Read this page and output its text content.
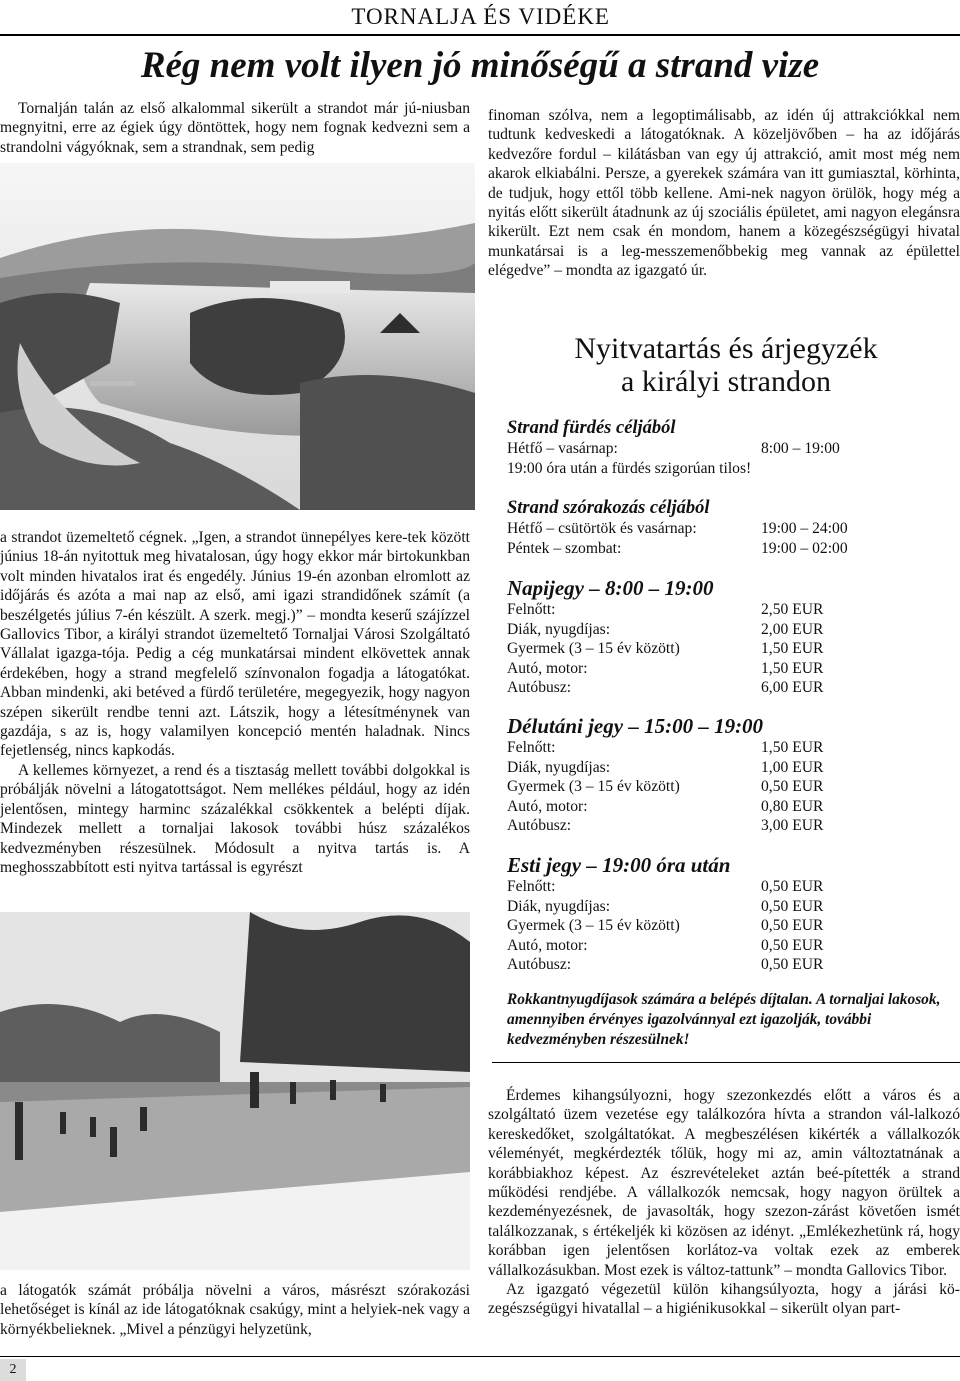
TORNALJA ÉS VIDÉKE
Rég nem volt ilyen jó minőségű a strand vize

Tornalján talán az első alkalommal sikerült a strandot már jú-niusban megnyitni, erre az égiek úgy döntöttek, hogy nem fognak kedvezni sem a strandolni vágyóknak, sem a strandnak, sem pedig

a strandot üzemeltető cégnek. „Igen, a strandot ünnepélyes kere-tek között június 18-án nyitottuk meg hivatalosan, úgy hogy ekkor már birtokunkban volt minden hivatalos irat és engedély. Június 19-én azonban elromlott az időjárás és azóta a mai nap az első, ami igazi strandidőnek számít (a beszélgetés július 7-én készült. A szerk. megj.)” – mondta keserű szájízzel Gallovics Tibor, a királyi strandot üzemeltető Tornaljai Városi Szolgáltató Vállalat igazga-tója. Pedig a cég munkatársai mindent elkövettek annak érdekében, hogy a strand megfelelő színvonalon fogadja a látogatókat. Abban mindenki, aki betéved a fürdő területére, megegyezik, hogy nagyon szépen sikerült rendbe tenni azt. Látszik, hogy a létesítménynek van gazdája, s az is, hogy valamilyen koncepció mentén haladnak. Nincs fejetlenség, nincs kapkodás.

A kellemes környezet, a rend és a tisztaság mellett további dolgokkal is próbálják növelni a látogatottságot. Nem mellékes például, hogy az idén jelentősen, mintegy harminc százalékkal csökkentek a belépti díjak. Mindezek mellett a tornaljai lakosok további húsz százalékos kedvezményben részesülnek. Módosult a nyitva tartás is. A meghosszabbított esti nyitva tartással is egyrészt

a látogatók számát próbálja növelni a város, másrészt szórakozási lehetőséget is kínál az ide látogatóknak csakúgy, mint a helyiek-nek vagy a környékbelieknek. „Mivel a pénzügyi helyzetünk,

finoman szólva, nem a legoptimálisabb, az idén új attrakciókkal nem tudtunk kedveskedi a látogatóknak. A közeljövőben – ha az időjárás kedvezőre fordul – kilátásban van egy új attrakció, amit most még nem akarok elkiabálni. Persze, a gyerekek számára van itt gumiasztal, körhinta, de tudjuk, hogy ettől több kellene. Ami-nek nagyon örülök, hogy még a nyitás előtt sikerült átadnunk az új szociális épületet, ami nagyon elegánsra kikerült. Ezt nem csak én mondom, hanem a közegészségügyi hivatal munkatársai is a leg-messzemenőbbekig meg vannak az épülettel elégedve” – mondta az igazgató úr.

Nyitvatartás és árjegyzék
a királyi strandon
Strand fürdés céljából
Hétfő – vasárnap:	8:00 – 19:00
19:00 óra után a fürdés szigorúan tilos!
Strand szórakozás céljából
Hétfő – csütörtök és vasárnap:	19:00 – 24:00
Péntek – szombat:	19:00 – 02:00
Napijegy – 8:00 – 19:00
Felnőtt:	2,50 EUR
Diák, nyugdíjas:	2,00 EUR
Gyermek (3 – 15 év között)	1,50 EUR
Autó, motor:	1,50 EUR
Autóbusz:	6,00 EUR
Délutáni jegy – 15:00 – 19:00
Felnőtt:	1,50 EUR
Diák, nyugdíjas:	1,00 EUR
Gyermek (3 – 15 év között)	0,50 EUR
Autó, motor:	0,80 EUR
Autóbusz:	3,00 EUR
Esti jegy – 19:00 óra után
Felnőtt:	0,50 EUR
Diák, nyugdíjas:	0,50 EUR
Gyermek (3 – 15 év között)	0,50 EUR
Autó, motor:	0,50 EUR
Autóbusz:	0,50 EUR
Rokkantnyugdíjasok számára a belépés díjtalan. A tornaljai lakosok, amennyiben érvényes igazolvánnyal ezt igazolják, további kedvezményben részesülnek!

Érdemes kihangsúlyozni, hogy szezonkezdés előtt a város és a szolgáltató üzem vezetése egy találkozóra hívta a strandon vál-lalkozó kereskedőket, szolgáltatókat. A megbeszélésen kikérték a vállalkozók véleményét, megkérdezték tőlük, hogy mi az, amin változtatnának a korábbiakhoz képest. Az észrevételeket aztán beé-pítették a strand működési rendjébe. A vállalkozók nemcsak, hogy nagyon örültek a kezdeményezésnek, de javasolták, hogy szezon-zárást követően ismét találkozzanak, s értékeljék ki közösen az idényt. „Emlékezhetünk rá, hogy korábban igen jelentősen korlátoz-va voltak ezek az emberek vállalkozásukban. Most ezek is változ-tattunk” – mondta Gallovics Tibor.

Az igazgató végezetül külön kihangsúlyozta, hogy a járási kö-zegészségügyi hivatallal – a higiénikusokkal – sikerült olyan part-

2
